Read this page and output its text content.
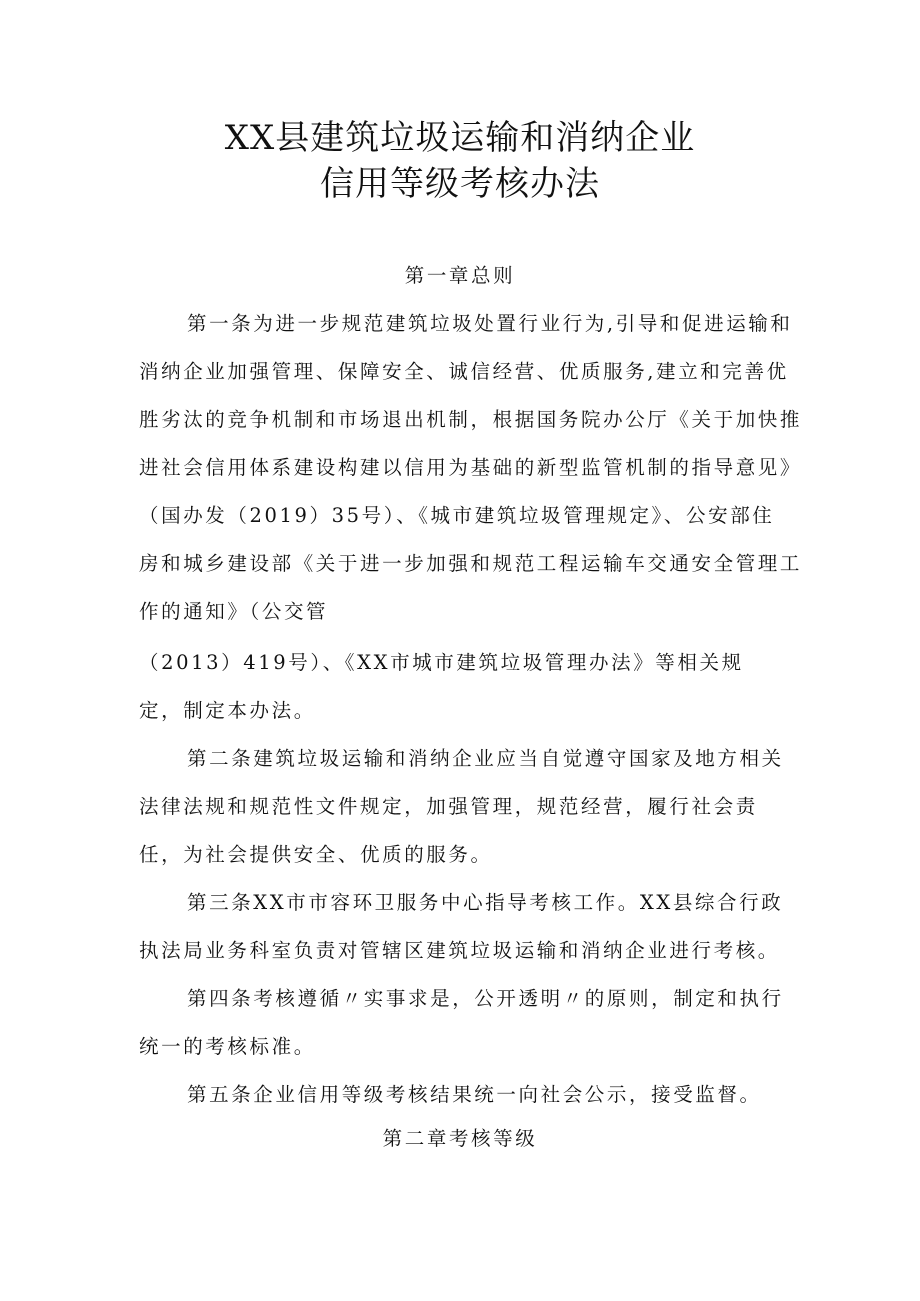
XX县建筑垃圾运输和消纳企业
信用等级考核办法
第一章总则
第一条为进一步规范建筑垃圾处置行业行为,引导和促进运输和
消纳企业加强管理、保障安全、诚信经营、优质服务,建立和完善优
胜劣汰的竞争机制和市场退出机制，根据国务院办公厅《关于加快推
进社会信用体系建设构建以信用为基础的新型监管机制的指导意见》
（国办发（2019）35号）、《城市建筑垃圾管理规定》、公安部住
房和城乡建设部《关于进一步加强和规范工程运输车交通安全管理工
作的通知》（公交管
（2013）419号）、《XX市城市建筑垃圾管理办法》等相关规
定，制定本办法。
第二条建筑垃圾运输和消纳企业应当自觉遵守国家及地方相关
法律法规和规范性文件规定，加强管理，规范经营，履行社会责
任，为社会提供安全、优质的服务。
第三条XX市市容环卫服务中心指导考核工作。XX县综合行政
执法局业务科室负责对管辖区建筑垃圾运输和消纳企业进行考核。
第四条考核遵循〃实事求是，公开透明〃的原则，制定和执行
统一的考核标准。
第五条企业信用等级考核结果统一向社会公示，接受监督。
第二章考核等级
